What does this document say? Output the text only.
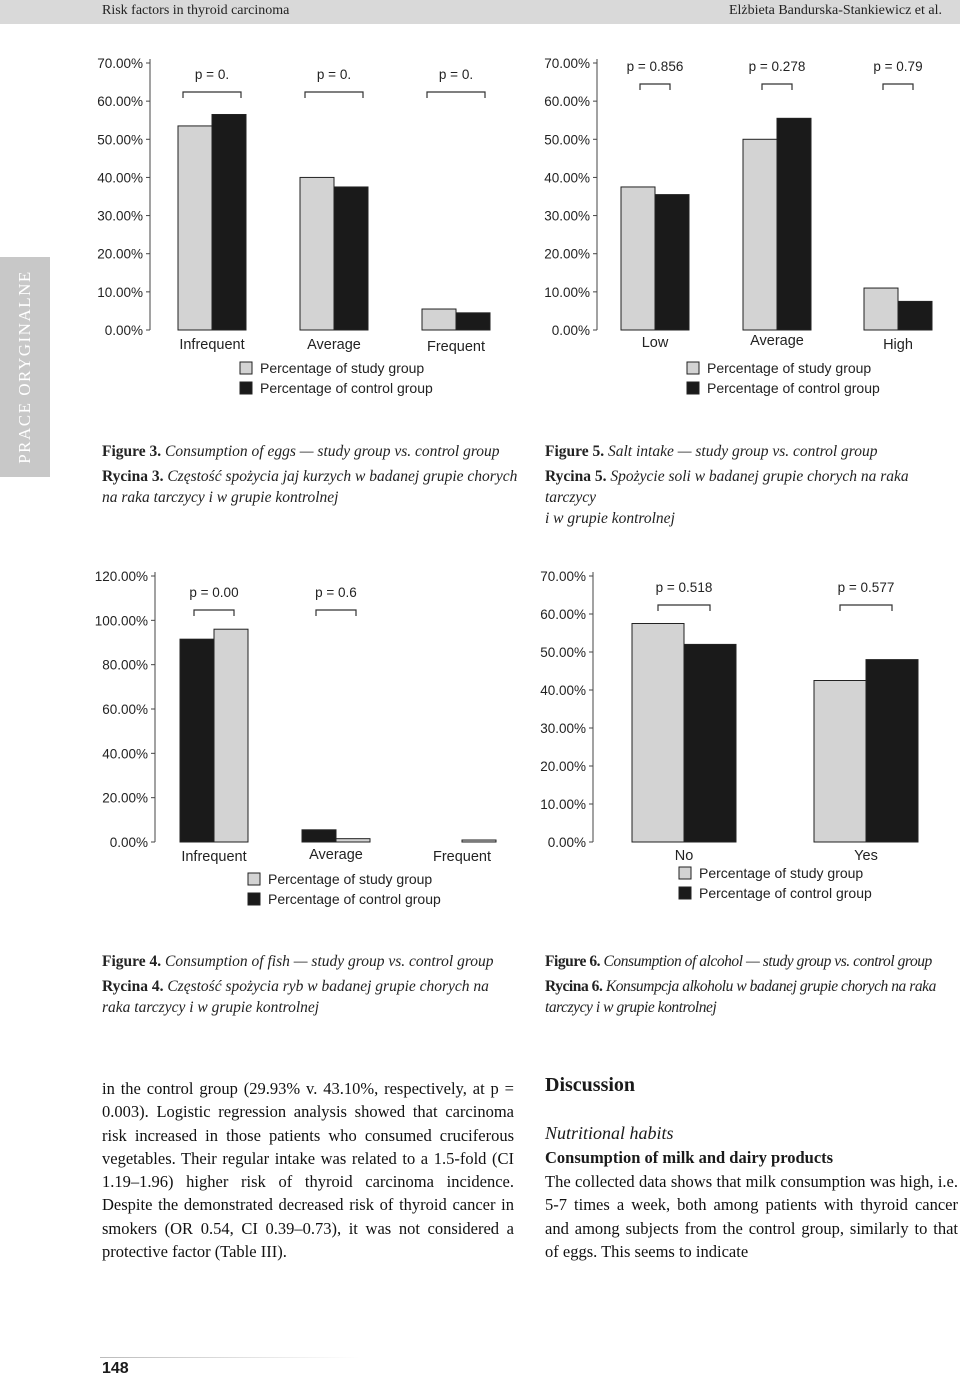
Risk factors in thyroid carcinoma	Elżbieta Bandurska-Stankiewicz et al.
PRACE ORYGINALNE	0.00%
10.00%
20.00%
30.00%
40.00%
50.00%
60.00%
70.00%
Infrequent
p = 0.
Average
p = 0.
Frequent
p = 0.
Percentage of study group
Percentage of control group
0.00%
10.00%
20.00%
30.00%
40.00%
50.00%
60.00%
70.00%
Low
p = 0.856
Average
p = 0.278
High
p = 0.79
Percentage of study group
Percentage of control group
0.00%
20.00%
40.00%
60.00%
80.00%
100.00%
120.00%
Infrequent
p = 0.00
Average
p = 0.6
Frequent
Percentage of study group
Percentage of control group
0.00%
10.00%
20.00%
30.00%
40.00%
50.00%
60.00%
70.00%
No
p = 0.518
Yes
p = 0.577
Percentage of study group
Percentage of control group
Figure 3. Consumption of eggs — study group vs. control group
Rycina 3. Częstość spożycia jaj kurzych w badanej grupie chorych
na raka tarczycy i w grupie kontrolnej
Figure 5. Salt intake — study group vs. control group
Rycina 5. Spożycie soli w badanej grupie chorych na raka tarczycy
i w grupie kontrolnej
Figure 4. Consumption of fish — study group vs. control group
Rycina 4. Częstość spożycia ryb w badanej grupie chorych na
raka tarczycy i w grupie kontrolnej
Figure 6. Consumption of alcohol — study group vs. control group
Rycina 6. Konsumpcja alkoholu w badanej grupie chorych na raka
tarczycy i w grupie kontrolnej

in the control group (29.93% v. 43.10%, respectively, at p = 0.003). Logistic regression analysis showed that carcinoma risk increased in those patients who consumed cruciferous vegetables. Their regular intake was related to a 1.5-fold (CI 1.19–1.96) higher risk of thyroid carcinoma incidence. Despite the demonstrated decreased risk of thyroid cancer in smokers (OR 0.54, CI 0.39–0.73), it was not considered a protective factor (Table III).

Discussion
Nutritional habits
Consumption of milk and dairy products

The collected data shows that milk consumption was high, i.e. 5-7 times a week, both among patients with thyroid cancer and among subjects from the control group, similarly to that of eggs. This seems to indicate

148
